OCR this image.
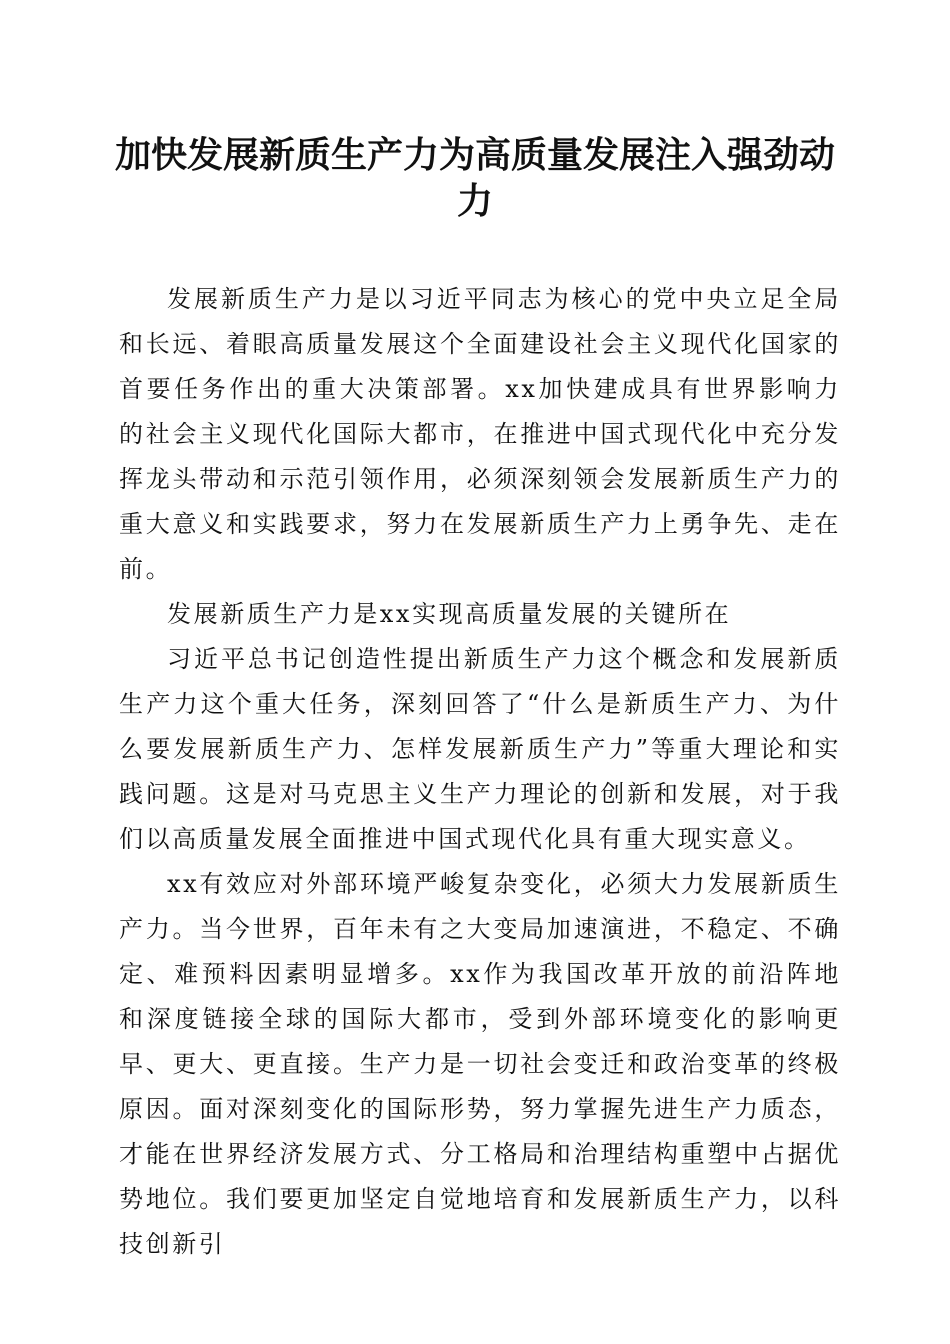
加快发展新质生产力为高质量发展注入强劲动力

发展新质生产力是以习近平同志为核心的党中央立足全局和长远、着眼高质量发展这个全面建设社会主义现代化国家的首要任务作出的重大决策部署。xx加快建成具有世界影响力的社会主义现代化国际大都市，在推进中国式现代化中充分发挥龙头带动和示范引领作用，必须深刻领会发展新质生产力的重大意义和实践要求，努力在发展新质生产力上勇争先、走在前。

发展新质生产力是xx实现高质量发展的关键所在

习近平总书记创造性提出新质生产力这个概念和发展新质生产力这个重大任务，深刻回答了“什么是新质生产力、为什么要发展新质生产力、怎样发展新质生产力”等重大理论和实践问题。这是对马克思主义生产力理论的创新和发展，对于我们以高质量发展全面推进中国式现代化具有重大现实意义。

xx有效应对外部环境严峻复杂变化，必须大力发展新质生产力。当今世界，百年未有之大变局加速演进，不稳定、不确定、难预料因素明显增多。xx作为我国改革开放的前沿阵地和深度链接全球的国际大都市，受到外部环境变化的影响更早、更大、更直接。生产力是一切社会变迁和政治变革的终极原因。面对深刻变化的国际形势，努力掌握先进生产力质态，才能在世界经济发展方式、分工格局和治理结构重塑中占据优势地位。我们要更加坚定自觉地培育和发展新质生产力，以科技创新引
